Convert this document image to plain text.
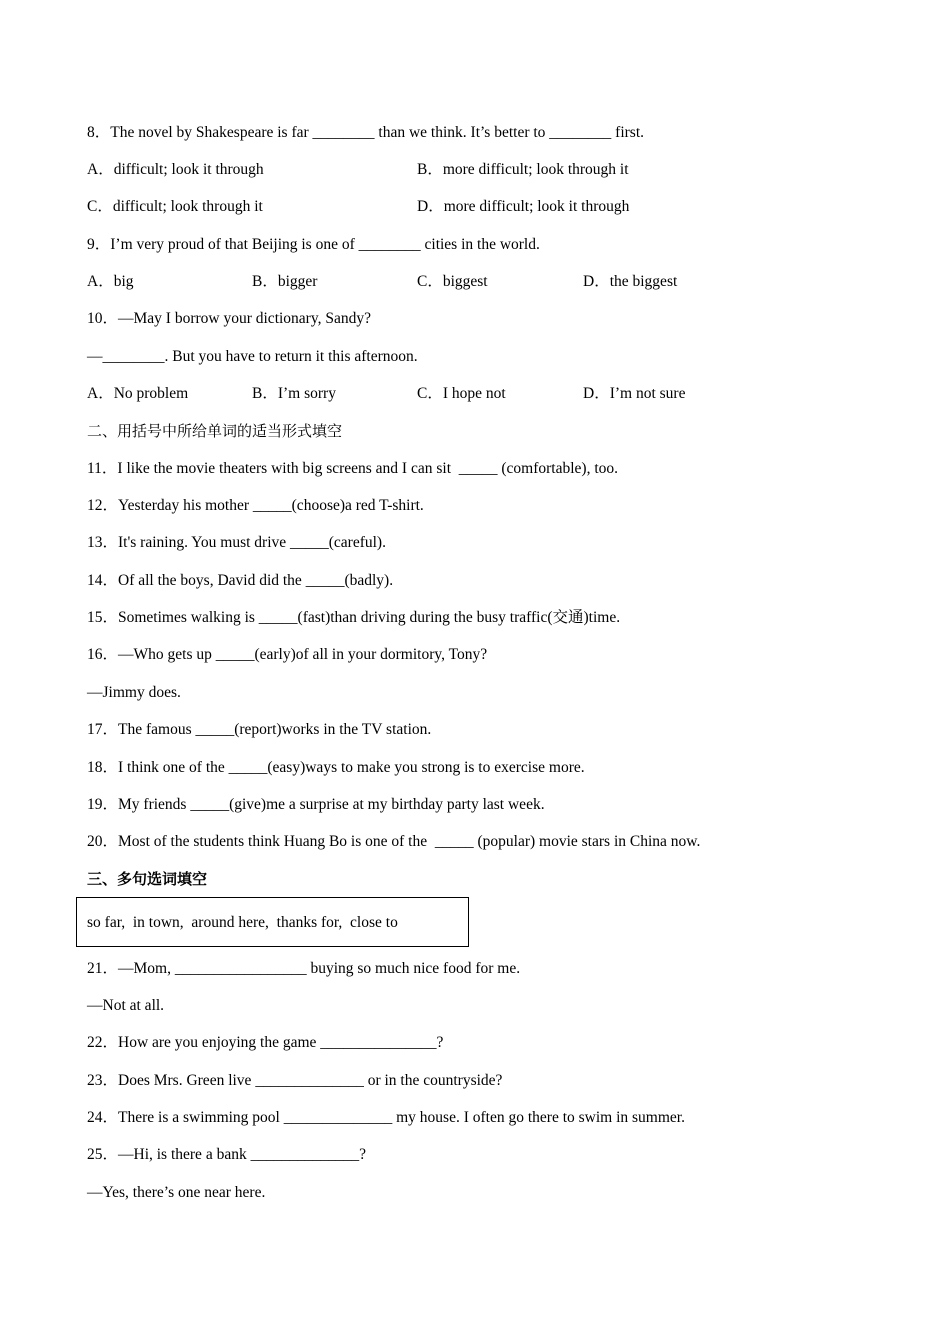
8．The novel by Shakespeare is far ________ than we think. It’s better to ________ first.
A．difficult; look it through	B．more difficult; look through it
C．difficult; look through it	D．more difficult; look it through
9．I’m very proud of that Beijing is one of ________ cities in the world.
A．big	B．bigger	C．biggest	D．the biggest
10．—May I borrow your dictionary, Sandy?
—________. But you have to return it this afternoon.
A．No problem	B．I’m sorry	C．I hope not	D．I’m not sure
二、用括号中所给单词的适当形式填空
11．I like the movie theaters with big screens and I can sit  _____ (comfortable), too.
12．Yesterday his mother _____(choose)a red T-shirt.
13．It's raining. You must drive _____(careful).
14．Of all the boys, David did the _____(badly).
15．Sometimes walking is _____(fast)than driving during the busy traffic(交通)time.
16．—Who gets up _____(early)of all in your dormitory, Tony?
—Jimmy does.
17．The famous _____(report)works in the TV station.
18．I think one of the _____(easy)ways to make you strong is to exercise more.
19．My friends _____(give)me a surprise at my birthday party last week.
20．Most of the students think Huang Bo is one of the  _____ (popular) movie stars in China now.
三、多句选词填空
so far,  in town,  around here,  thanks for,  close to
21．—Mom, _________________ buying so much nice food for me.
—Not at all.
22．How are you enjoying the game _______________?
23．Does Mrs. Green live ______________ or in the countryside?
24．There is a swimming pool ______________ my house. I often go there to swim in summer.
25．—Hi, is there a bank ______________?
—Yes, there’s one near here.
